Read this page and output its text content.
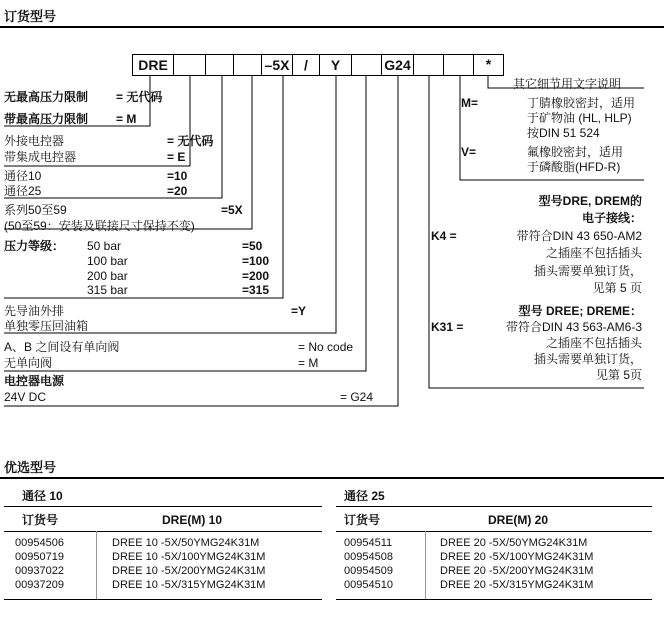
订货型号
DRE	–5X	/	Y	G24	*
无最高压力限制 = 无代码
带最高压力限制 = M
外接电控器	= 无代码
带集成电控器	= E
通径10	=10
通径25	=20
系列50至59	=5X
(50至59：安装及联接尺寸保持不变)
压力等级： 50 bar	=50
100 bar	=100
200 bar	=200
315 bar	=315
先导油外排	=Y
单独零压回油箱
A、B 之间设有单向阀	= No code
无单向阀	= M
电控器电源
24V DC	= G24
其它细节用文字说明
M=	丁腈橡胶密封，适用
于矿物油 (HL, HLP)
按DIN 51 524
V=	氟橡胶密封，适用
于磷酸脂(HFD-R)
型号DRE, DREM的
电子接线：
K4 =	带符合DIN 43 650-AM2
之插座不包括插头
插头需要单独订货，
见第 5 页
型号 DREE; DREME：
K31 =	带符合DIN 43 563-AM6-3
之插座不包括插头
插头需要单独订货，
见第 5页
优选型号
通径 10
订货号	DRE(M) 10
00954506	DREE 10 -5X/50YMG24K31M
00950719	DREE 10 -5X/100YMG24K31M
00937022	DREE 10 -5X/200YMG24K31M
00937209	DREE 10 -5X/315YMG24K31M
通径 25
订货号	DRE(M) 20
00954511	DREE 20 -5X/50YMG24K31M
00954508	DREE 20 -5X/100YMG24K31M
00954509	DREE 20 -5X/200YMG24K31M
00954510	DREE 20 -5X/315YMG24K31M
